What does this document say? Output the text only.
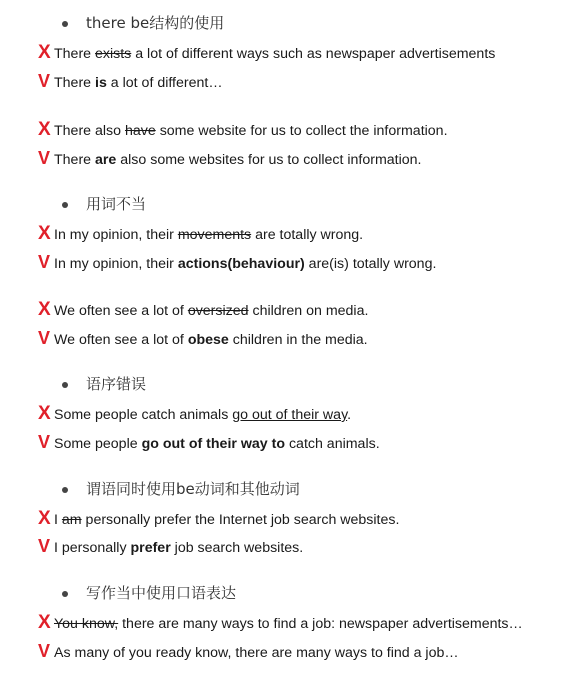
there be结构的使用
X There exists a lot of different ways such as newspaper advertisements
V There is a lot of different…
X There also have some website for us to collect the information.
V There are also some websites for us to collect information.
用词不当
X In my opinion, their movements are totally wrong.
V In my opinion, their actions(behaviour) are(is) totally wrong.
X We often see a lot of oversized children on media.
V We often see a lot of obese children in the media.
语序错误
X Some people catch animals go out of their way.
V Some people go out of their way to catch animals.
谓语同时使用be动词和其他动词
X I am personally prefer the Internet job search websites.
V I personally prefer job search websites.
写作当中使用口语表达
X You know, there are many ways to find a job: newspaper advertisements…
V As many of you ready know, there are many ways to find a job…
